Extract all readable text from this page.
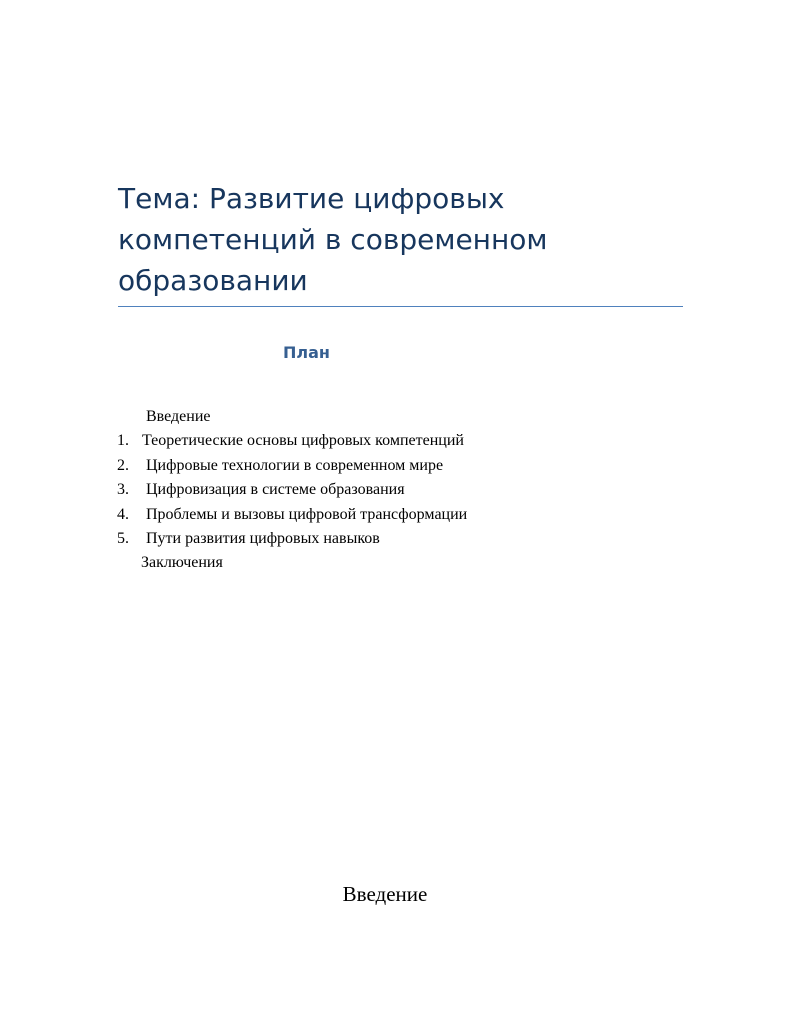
Тема: Развитие цифровых
компетенций в современном
образовании
План
Введение
1. Теоретические основы цифровых компетенций
2. Цифровые технологии в современном мире
3. Цифровизация в системе образования
4. Проблемы и вызовы цифровой трансформации
5. Пути развития цифровых навыков
Заключения
Введение
